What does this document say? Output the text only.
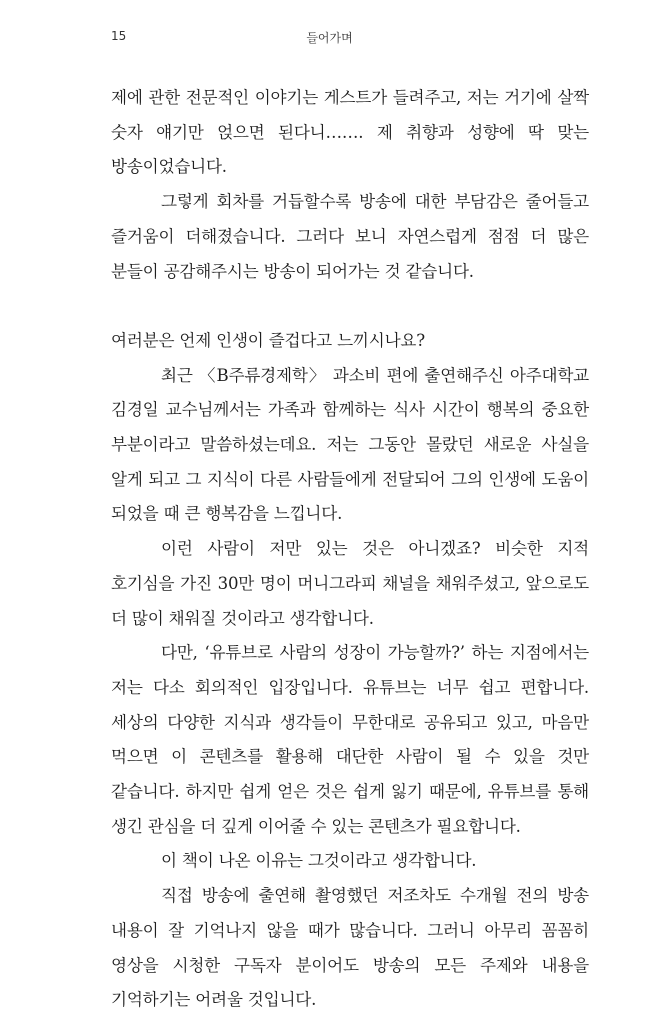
15	들어가며

제에 관한 전문적인 이야기는 게스트가 들려주고, 저는 거기에 살짝 숫자 얘기만 얹으면 된다니……. 제 취향과 성향에 딱 맞는 방송이었습니다.

그렇게 회차를 거듭할수록 방송에 대한 부담감은 줄어들고 즐거움이 더해졌습니다. 그러다 보니 자연스럽게 점점 더 많은 분들이 공감해주시는 방송이 되어가는 것 같습니다.

여러분은 언제 인생이 즐겁다고 느끼시나요?

최근 〈B주류경제학〉 과소비 편에 출연해주신 아주대학교 김경일 교수님께서는 가족과 함께하는 식사 시간이 행복의 중요한 부분이라고 말씀하셨는데요. 저는 그동안 몰랐던 새로운 사실을 알게 되고 그 지식이 다른 사람들에게 전달되어 그의 인생에 도움이 되었을 때 큰 행복감을 느낍니다.

이런 사람이 저만 있는 것은 아니겠죠? 비슷한 지적 호기심을 가진 30만 명이 머니그라피 채널을 채워주셨고, 앞으로도 더 많이 채워질 것이라고 생각합니다.

다만, ‘유튜브로 사람의 성장이 가능할까?’ 하는 지점에서는 저는 다소 회의적인 입장입니다. 유튜브는 너무 쉽고 편합니다. 세상의 다양한 지식과 생각들이 무한대로 공유되고 있고, 마음만 먹으면 이 콘텐츠를 활용해 대단한 사람이 될 수 있을 것만 같습니다. 하지만 쉽게 얻은 것은 쉽게 잃기 때문에, 유튜브를 통해 생긴 관심을 더 깊게 이어줄 수 있는 콘텐츠가 필요합니다.

이 책이 나온 이유는 그것이라고 생각합니다.

직접 방송에 출연해 촬영했던 저조차도 수개월 전의 방송 내용이 잘 기억나지 않을 때가 많습니다. 그러니 아무리 꼼꼼히 영상을 시청한 구독자 분이어도 방송의 모든 주제와 내용을 기억하기는 어려울 것입니다.
